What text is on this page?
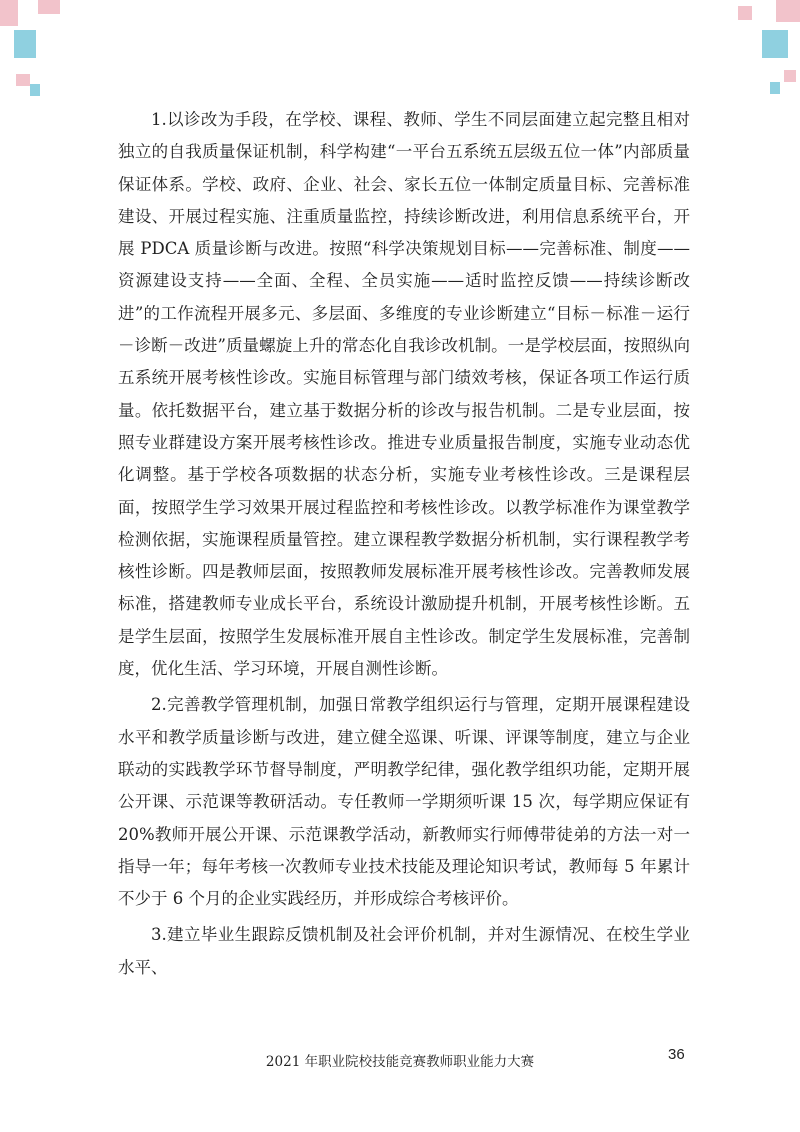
1.以诊改为手段，在学校、课程、教师、学生不同层面建立起完整且相对独立的自我质量保证机制，科学构建“一平台五系统五层级五位一体”内部质量保证体系。学校、政府、企业、社会、家长五位一体制定质量目标、完善标准建设、开展过程实施、注重质量监控，持续诊断改进，利用信息系统平台，开展 PDCA 质量诊断与改进。按照“科学决策规划目标——完善标准、制度——资源建设支持——全面、全程、全员实施——适时监控反馈——持续诊断改进”的工作流程开展多元、多层面、多维度的专业诊断建立“目标－标准－运行－诊断－改进”质量螺旋上升的常态化自我诊改机制。一是学校层面，按照纵向五系统开展考核性诊改。实施目标管理与部门绩效考核，保证各项工作运行质量。依托数据平台，建立基于数据分析的诊改与报告机制。二是专业层面，按照专业群建设方案开展考核性诊改。推进专业质量报告制度，实施专业动态优化调整。基于学校各项数据的状态分析，实施专业考核性诊改。三是课程层面，按照学生学习效果开展过程监控和考核性诊改。以教学标准作为课堂教学检测依据，实施课程质量管控。建立课程教学数据分析机制，实行课程教学考核性诊断。四是教师层面，按照教师发展标准开展考核性诊改。完善教师发展标准，搭建教师专业成长平台，系统设计激励提升机制，开展考核性诊断。五是学生层面，按照学生发展标准开展自主性诊改。制定学生发展标准，完善制度，优化生活、学习环境，开展自测性诊断。

2.完善教学管理机制，加强日常教学组织运行与管理，定期开展课程建设水平和教学质量诊断与改进，建立健全巡课、听课、评课等制度，建立与企业联动的实践教学环节督导制度，严明教学纪律，强化教学组织功能，定期开展公开课、示范课等教研活动。专任教师一学期须听课 15 次，每学期应保证有 20%教师开展公开课、示范课教学活动，新教师实行师傅带徒弟的方法一对一指导一年；每年考核一次教师专业技术技能及理论知识考试，教师每 5 年累计不少于 6 个月的企业实践经历，并形成综合考核评价。

3.建立毕业生跟踪反馈机制及社会评价机制，并对生源情况、在校生学业水平、

2021 年职业院校技能竞赛教师职业能力大赛	36
